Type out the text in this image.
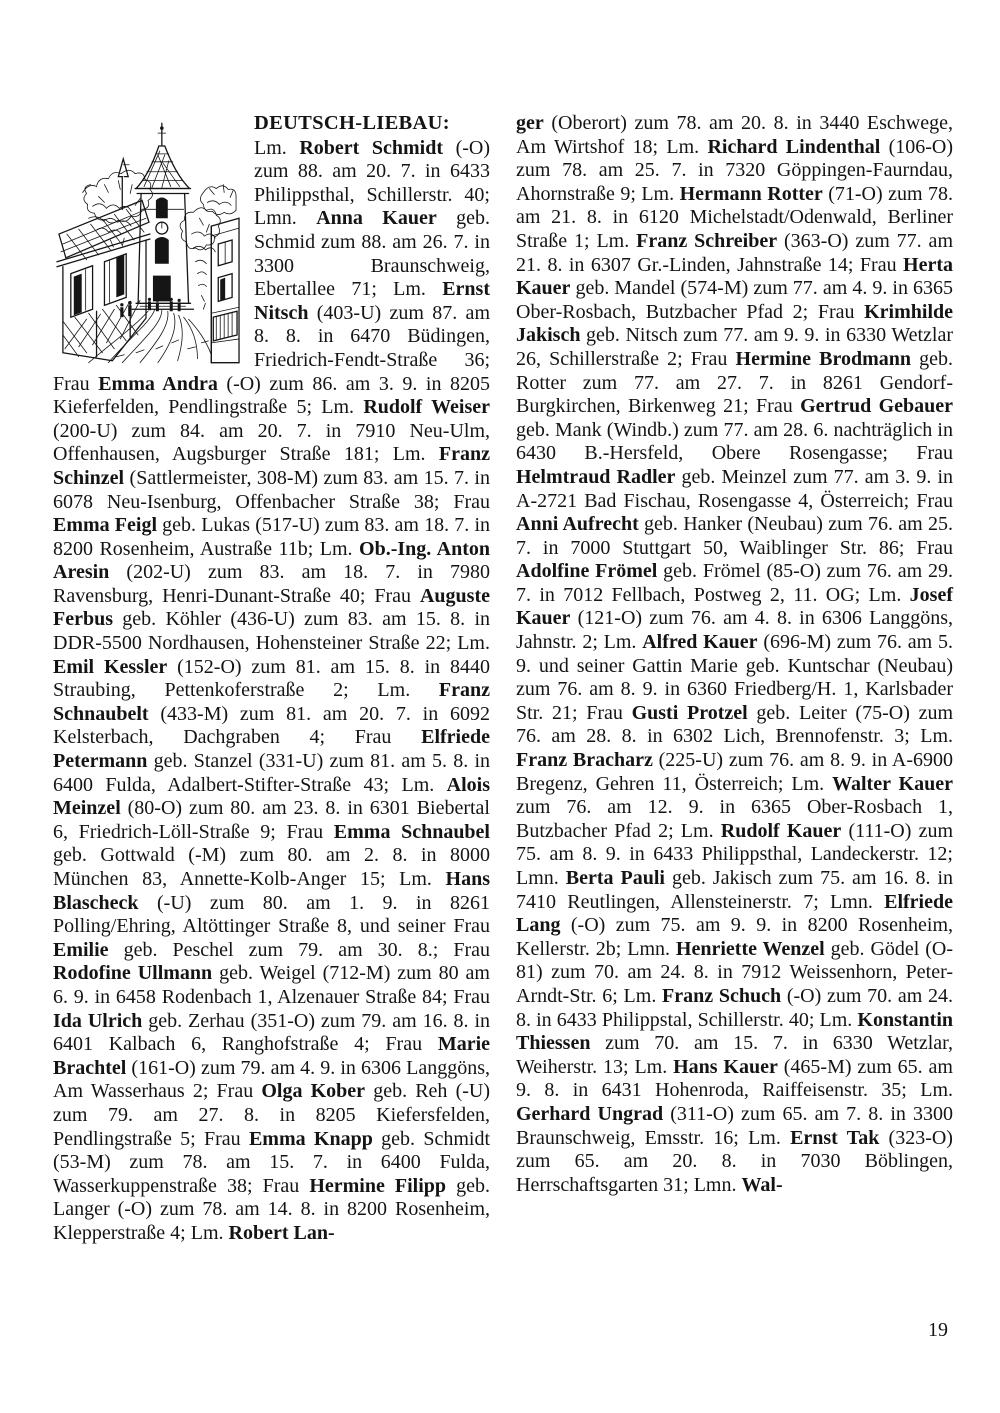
DEUTSCH-LIEBAU:
Lm. Robert Schmidt (-O) zum 88. am 20. 7. in 6433 Philippsthal, Schillerstr. 40; Lmn. Anna Kauer geb. Schmid zum 88. am 26. 7. in 3300 Braunschweig, Ebertallee 71; Lm. Ernst Nitsch (403-U) zum 87. am 8. 8. in 6470 Büdingen, Friedrich-Fendt-Straße 36; Frau Emma Andra (-O) zum 86. am 3. 9. in 8205 Kieferfelden, Pendlingstraße 5; Lm. Rudolf Weiser (200-U) zum 84. am 20. 7. in 7910 Neu-Ulm, Offenhausen, Augsburger Straße 181; Lm. Franz Schinzel (Sattlermeister, 308-M) zum 83. am 15. 7. in 6078 Neu-Isenburg, Offenbacher Straße 38; Frau Emma Feigl geb. Lukas (517-U) zum 83. am 18. 7. in 8200 Rosenheim, Austraße 11b; Lm. Ob.-Ing. Anton Aresin (202-U) zum 83. am 18. 7. in 7980 Ravensburg, Henri-Dunant-Straße 40; Frau Auguste Ferbus geb. Köhler (436-U) zum 83. am 15. 8. in DDR-5500 Nordhausen, Hohensteiner Straße 22; Lm. Emil Kessler (152-O) zum 81. am 15. 8. in 8440 Straubing, Pettenkoferstraße 2; Lm. Franz Schnaubelt (433-M) zum 81. am 20. 7. in 6092 Kelsterbach, Dachgraben 4; Frau Elfriede Petermann geb. Stanzel (331-U) zum 81. am 5. 8. in 6400 Fulda, Adalbert-Stifter-Straße 43; Lm. Alois Meinzel (80-O) zum 80. am 23. 8. in 6301 Biebertal 6, Friedrich-Löll-Straße 9; Frau Emma Schnaubel geb. Gottwald (-M) zum 80. am 2. 8. in 8000 München 83, Annette-Kolb-Anger 15; Lm. Hans Blascheck (-U) zum 80. am 1. 9. in 8261 Polling/Ehring, Altöttinger Straße 8, und seiner Frau Emilie geb. Peschel zum 79. am 30. 8.; Frau Rodofine Ullmann geb. Weigel (712-M) zum 80 am 6. 9. in 6458 Rodenbach 1, Alzenauer Straße 84; Frau Ida Ulrich geb. Zerhau (351-O) zum 79. am 16. 8. in 6401 Kalbach 6, Ranghofstraße 4; Frau Marie Brachtel (161-O) zum 79. am 4. 9. in 6306 Langgöns, Am Wasserhaus 2; Frau Olga Kober geb. Reh (-U) zum 79. am 27. 8. in 8205 Kiefersfelden, Pendlingstraße 5; Frau Emma Knapp geb. Schmidt (53-M) zum 78. am 15. 7. in 6400 Fulda, Wasserkuppenstraße 38; Frau Hermine Filipp geb. Langer (-O) zum 78. am 14. 8. in 8200 Rosenheim, Klepperstraße 4; Lm. Robert Lan-
ger (Oberort) zum 78. am 20. 8. in 3440 Eschwege, Am Wirtshof 18; Lm. Richard Lindenthal (106-O) zum 78. am 25. 7. in 7320 Göppingen-Faurndau, Ahornstraße 9; Lm. Hermann Rotter (71-O) zum 78. am 21. 8. in 6120 Michelstadt/Odenwald, Berliner Straße 1; Lm. Franz Schreiber (363-O) zum 77. am 21. 8. in 6307 Gr.-Linden, Jahnstraße 14; Frau Herta Kauer geb. Mandel (574-M) zum 77. am 4. 9. in 6365 Ober-Rosbach, Butzbacher Pfad 2; Frau Krimhilde Jakisch geb. Nitsch zum 77. am 9. 9. in 6330 Wetzlar 26, Schillerstraße 2; Frau Hermine Brodmann geb. Rotter zum 77. am 27. 7. in 8261 Gendorf-Burgkirchen, Birkenweg 21; Frau Gertrud Gebauer geb. Mank (Windb.) zum 77. am 28. 6. nachträglich in 6430 B.-Hersfeld, Obere Rosengasse; Frau Helmtraud Radler geb. Meinzel zum 77. am 3. 9. in A-2721 Bad Fischau, Rosengasse 4, Österreich; Frau Anni Aufrecht geb. Hanker (Neubau) zum 76. am 25. 7. in 7000 Stuttgart 50, Waiblinger Str. 86; Frau Adolfine Frömel geb. Frömel (85-O) zum 76. am 29. 7. in 7012 Fellbach, Postweg 2, 11. OG; Lm. Josef Kauer (121-O) zum 76. am 4. 8. in 6306 Langgöns, Jahnstr. 2; Lm. Alfred Kauer (696-M) zum 76. am 5. 9. und seiner Gattin Marie geb. Kuntschar (Neubau) zum 76. am 8. 9. in 6360 Friedberg/H. 1, Karlsbader Str. 21; Frau Gusti Protzel geb. Leiter (75-O) zum 76. am 28. 8. in 6302 Lich, Brennofenstr. 3; Lm. Franz Bracharz (225-U) zum 76. am 8. 9. in A-6900 Bregenz, Gehren 11, Österreich; Lm. Walter Kauer zum 76. am 12. 9. in 6365 Ober-Rosbach 1, Butzbacher Pfad 2; Lm. Rudolf Kauer (111-O) zum 75. am 8. 9. in 6433 Philippsthal, Landeckerstr. 12; Lmn. Berta Pauli geb. Jakisch zum 75. am 16. 8. in 7410 Reutlingen, Allensteinerstr. 7; Lmn. Elfriede Lang (-O) zum 75. am 9. 9. in 8200 Rosenheim, Kellerstr. 2b; Lmn. Henriette Wenzel geb. Gödel (O-81) zum 70. am 24. 8. in 7912 Weissenhorn, Peter-Arndt-Str. 6; Lm. Franz Schuch (-O) zum 70. am 24. 8. in 6433 Philippstal, Schillerstr. 40; Lm. Konstantin Thiessen zum 70. am 15. 7. in 6330 Wetzlar, Weiherstr. 13; Lm. Hans Kauer (465-M) zum 65. am 9. 8. in 6431 Hohenroda, Raiffeisenstr. 35; Lm. Gerhard Ungrad (311-O) zum 65. am 7. 8. in 3300 Braunschweig, Emsstr. 16; Lm. Ernst Tak (323-O) zum 65. am 20. 8. in 7030 Böblingen, Herrschaftsgarten 31; Lmn. Wal-
19
